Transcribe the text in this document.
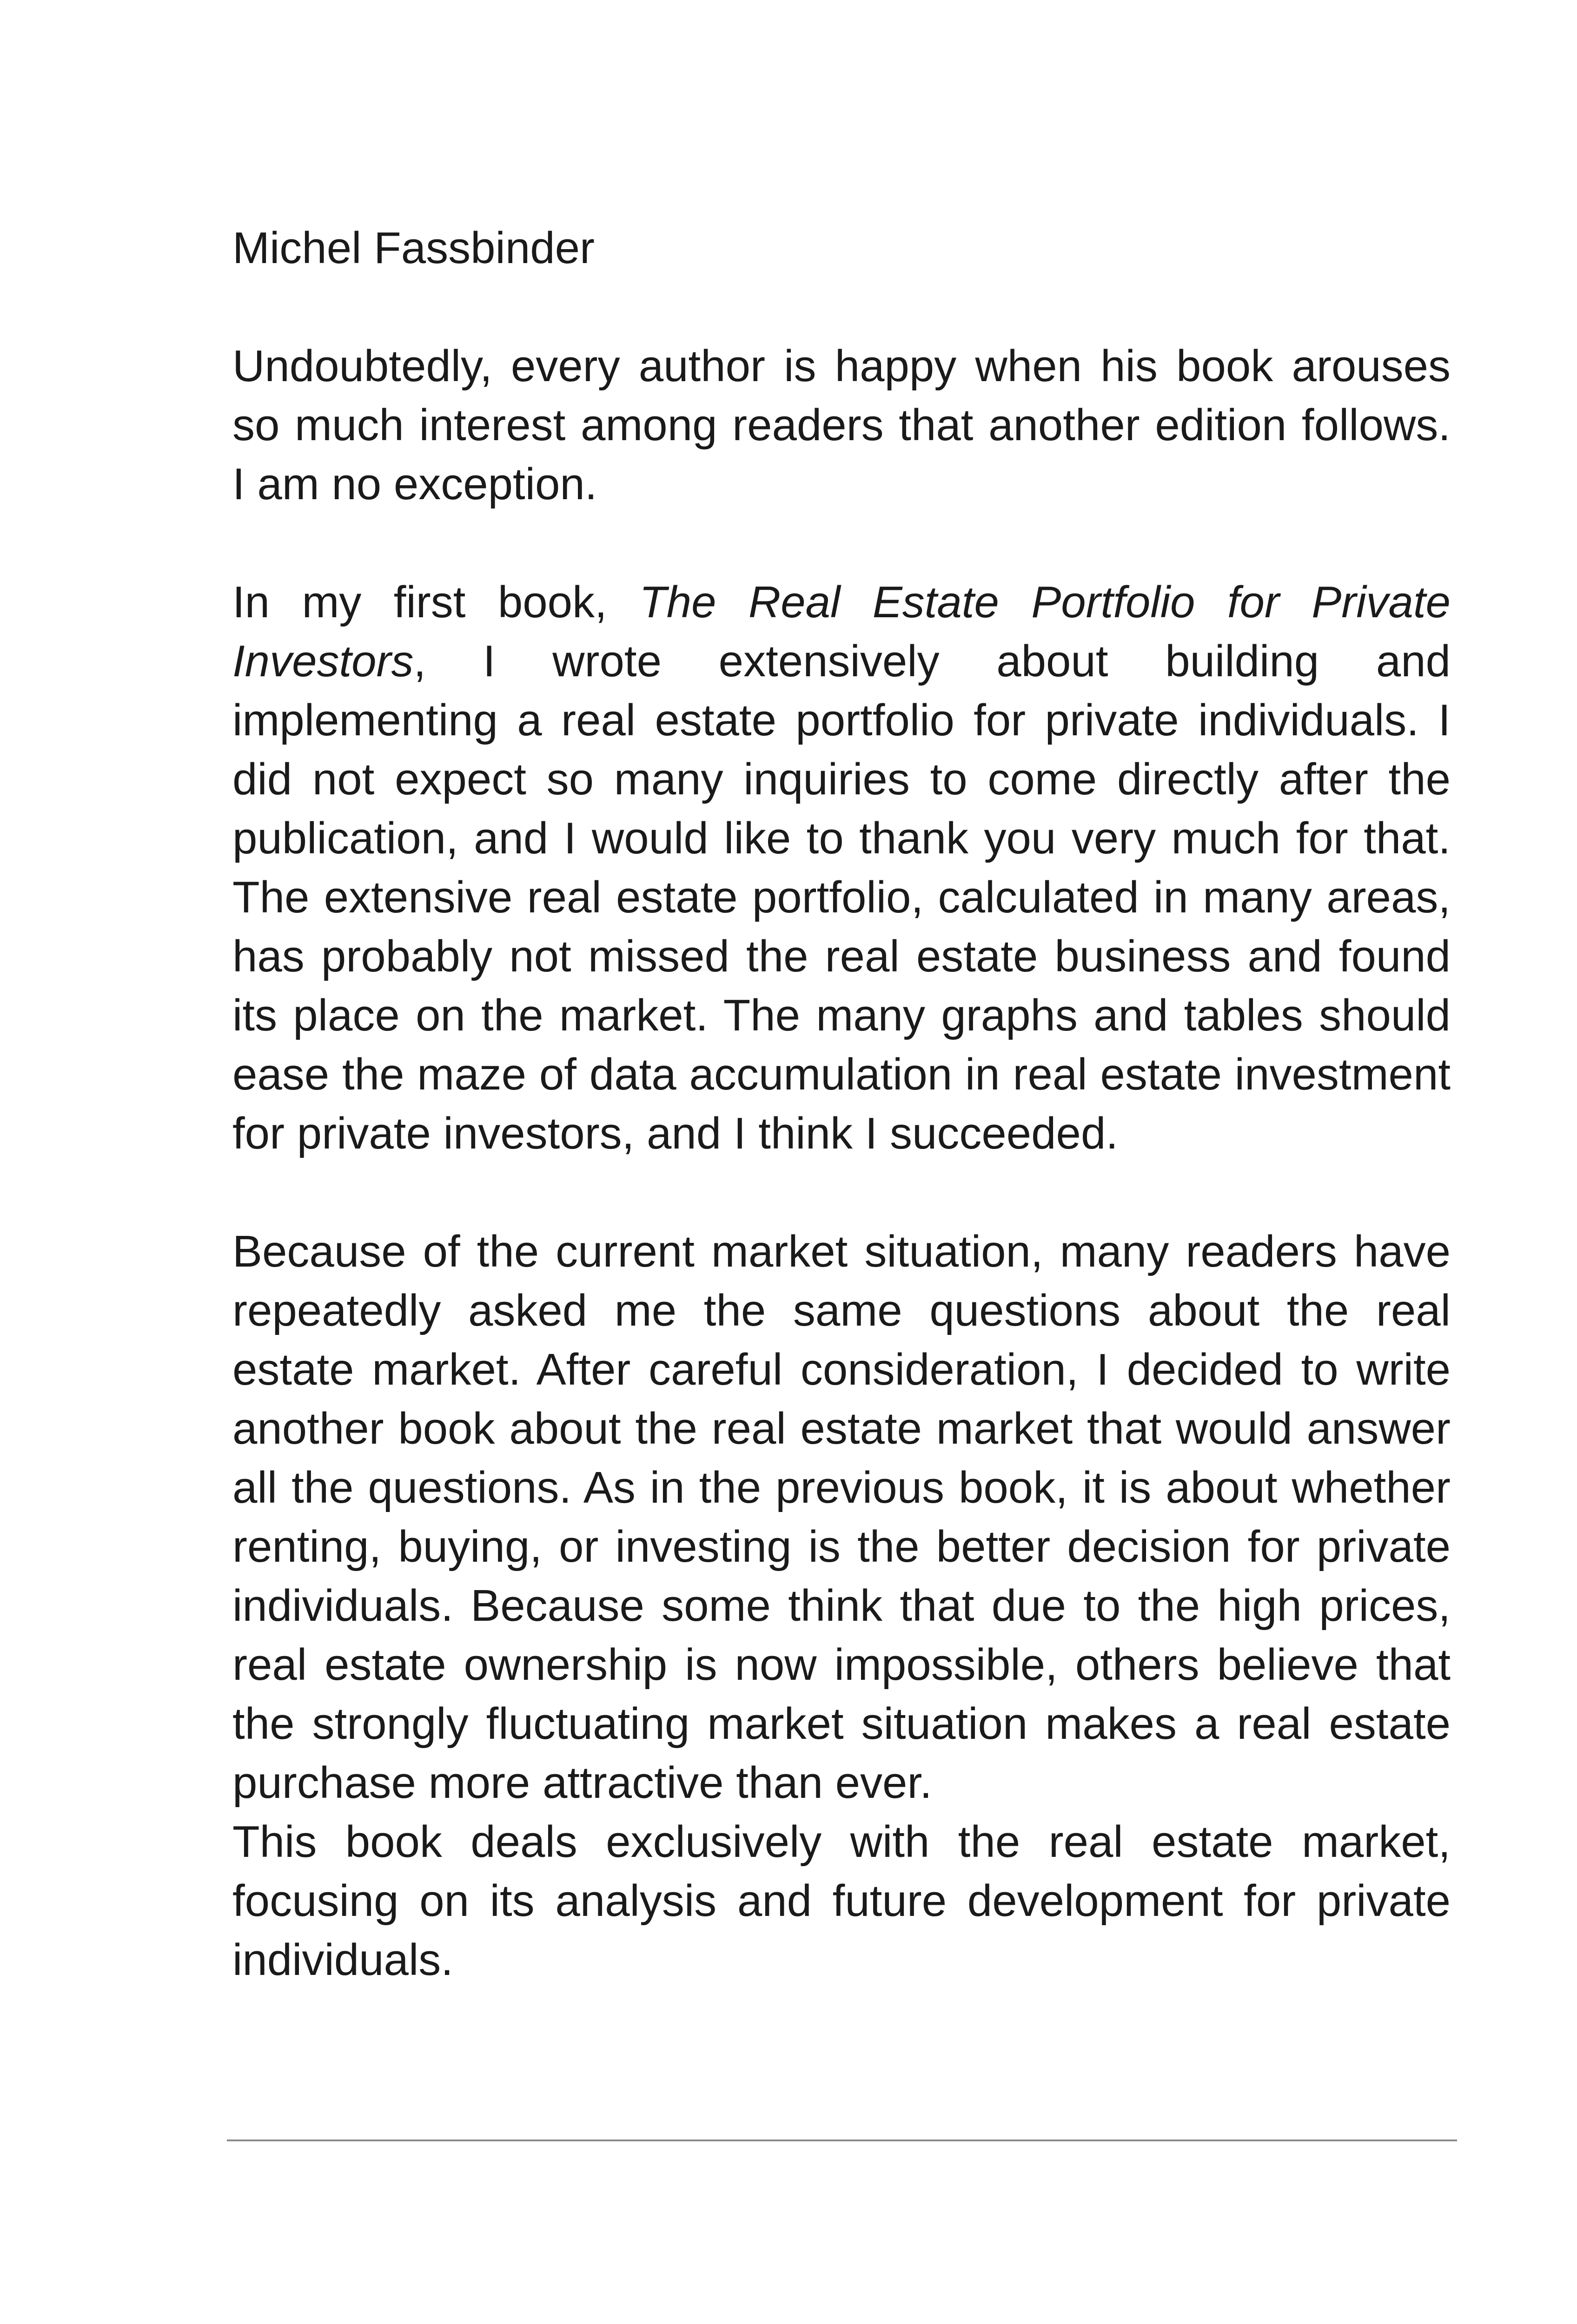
Michel Fassbinder

Undoubtedly, every author is happy when his book arouses so much interest among readers that another edition follows. I am no exception.

In my first book, The Real Estate Portfolio for Private Investors, I wrote extensively about building and implementing a real estate portfolio for private individuals. I did not expect so many inquiries to come directly after the publication, and I would like to thank you very much for that. The extensive real estate portfolio, calculated in many areas, has probably not missed the real estate business and found its place on the market. The many graphs and tables should ease the maze of data accumulation in real estate investment for private investors, and I think I succeeded.

Because of the current market situation, many readers have repeatedly asked me the same questions about the real estate market. After careful consideration, I decided to write another book about the real estate market that would answer all the questions. As in the previous book, it is about whether renting, buying, or investing is the better decision for private individuals. Because some think that due to the high prices, real estate ownership is now impossible, others believe that the strongly fluctuating market situation makes a real estate purchase more attractive than ever.

This book deals exclusively with the real estate market, focusing on its analysis and future development for private individuals.
